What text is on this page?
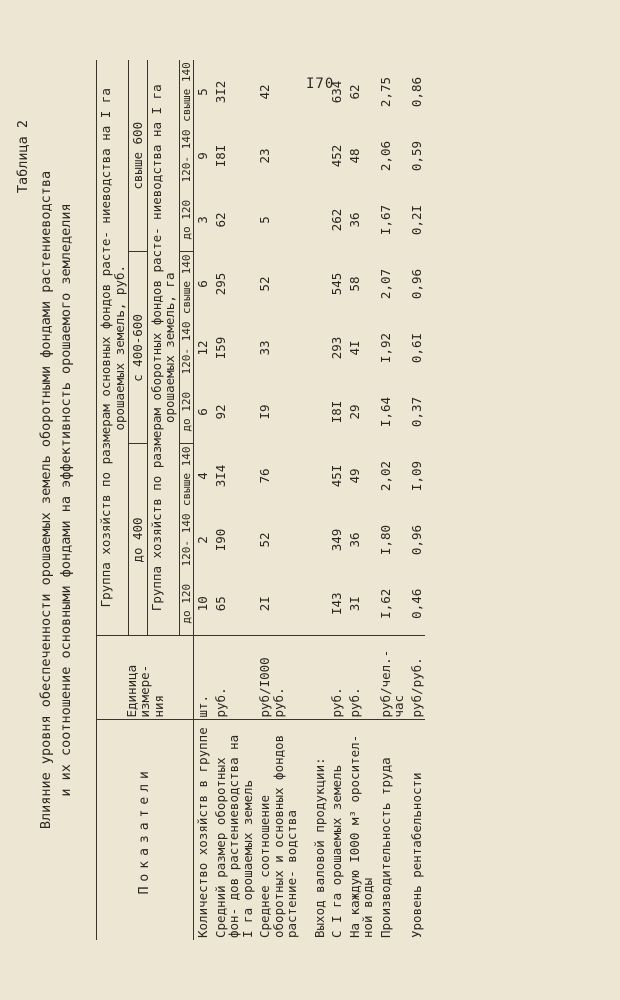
I70
Таблица 2
Влияние уровня обеспеченности орошаемых земель оборотными фондами растениеводства и их соотношение основными фондами на эффективность орошаемого земледелия
Показатели	Единица измере- ния	Группа хозяйств по размерам основных фондов расте- ниеводства на I га орошаемых земель, руб.								
		до 400			с 400-600			свыше 600		
		Группа хозяйств по размерам оборотных фондов расте- ниеводства на I га орошаемых земель, га								
		до 120	120- 140	свыше 140	до 120	120- 140	свыше 140	до 120	120- 140	свыше 140
Количество хозяйств в группе	шт.	10	2	4	6	12	6	3	9	5
Средний размер оборотных фон- дов растениеводства на I га орошаемых земель	руб.	65	I90	3I4	92	I59	295	62	I8I	3I2
Среднее соотношение оборотных и основных фондов растение- водства	руб/I000 руб.	2I	52	76	I9	33	52	5	23	42
Выход валовой продукции:										
С I га орошаемых земель	руб.	I43	349	45I	I8I	293	545	262	452	634
На каждую I000 м³ оросител- ной воды	руб.	3I	36	49	29	4I	58	36	48	62
Производительность труда	руб/чел.-час	I,62	I,80	2,02	I,64	I,92	2,07	I,67	2,06	2,75
Уровень рентабельности	руб/руб.	0,46	0,96	I,09	0,37	0,6I	0,96	0,2I	0,59	0,86
